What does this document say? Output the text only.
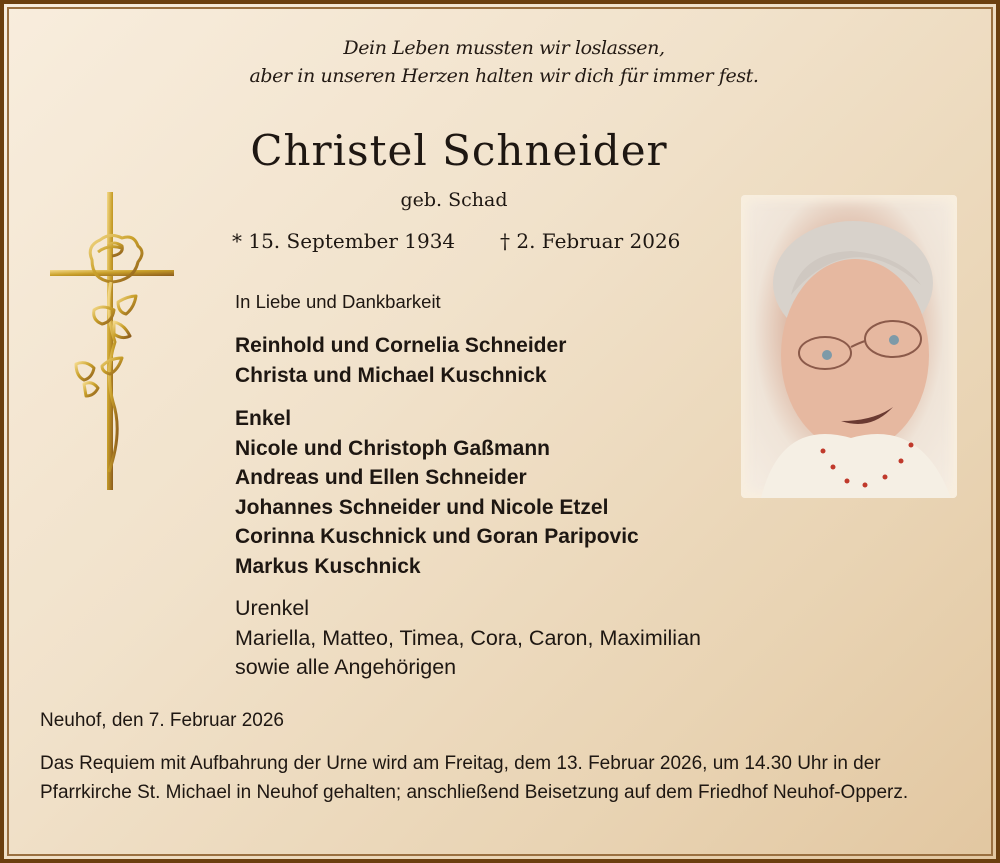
Dein Leben mussten wir loslassen,
aber in unseren Herzen halten wir dich für immer fest.
Christel Schneider
geb. Schad
* 15. September 1934 † 2. Februar 2026
In Liebe und Dankbarkeit
Reinhold und Cornelia Schneider
Christa und Michael Kuschnick
Enkel
Nicole und Christoph Gaßmann
Andreas und Ellen Schneider
Johannes Schneider und Nicole Etzel
Corinna Kuschnick und Goran Paripovic
Markus Kuschnick
Urenkel
Mariella, Matteo, Timea, Cora, Caron, Maximilian
sowie alle Angehörigen
Neuhof, den 7. Februar 2026
Das Requiem mit Aufbahrung der Urne wird am Freitag, dem 13. Februar 2026, um 14.30 Uhr in der Pfarrkirche St. Michael in Neuhof gehalten; anschließend Beisetzung auf dem Friedhof Neuhof-Opperz.
